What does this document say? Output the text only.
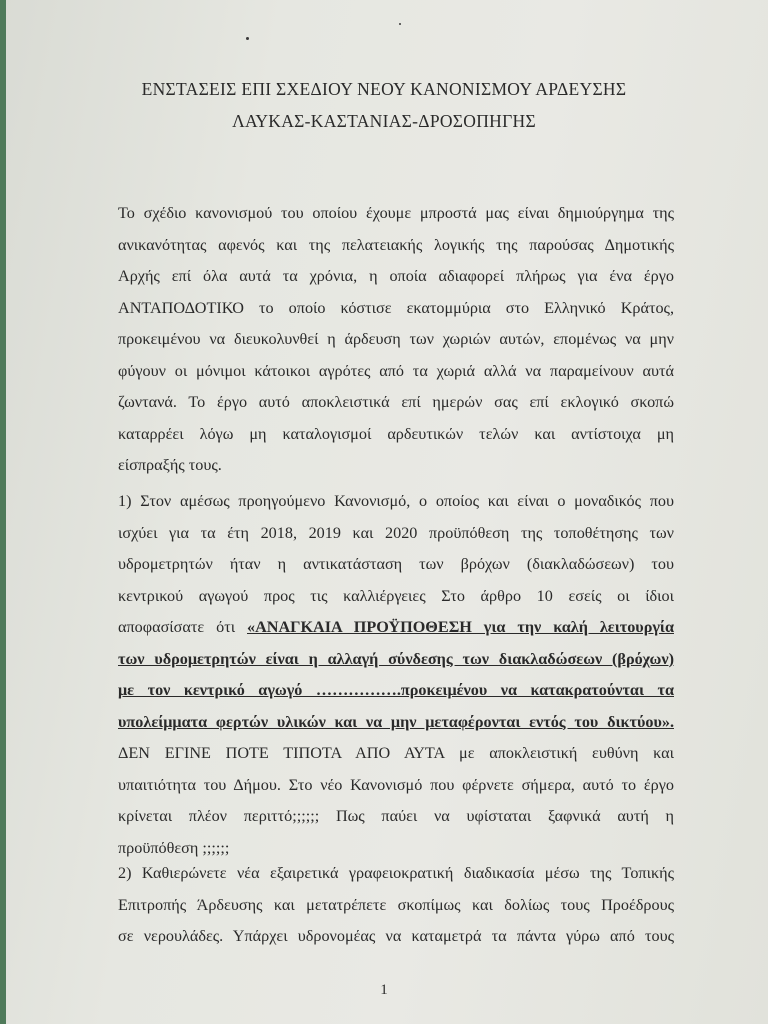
ΕΝΣΤΑΣΕΙΣ ΕΠΙ ΣΧΕΔΙΟΥ ΝΕΟΥ ΚΑΝΟΝΙΣΜΟΥ ΑΡΔΕΥΣΗΣ
ΛΑΥΚΑΣ-ΚΑΣΤΑΝΙΑΣ-ΔΡΟΣΟΠΗΓΗΣ
Το σχέδιο κανονισμού του οποίου έχουμε μπροστά μας είναι δημιούργημα της
ανικανότητας αφενός και της πελατειακής λογικής της παρούσας Δημοτικής
Αρχής επί όλα αυτά τα χρόνια, η οποία αδιαφορεί πλήρως για ένα έργο
ΑΝΤΑΠΟΔΟΤΙΚΟ το οποίο κόστισε εκατομμύρια στο Ελληνικό Κράτος,
προκειμένου να διευκολυνθεί η άρδευση των χωριών αυτών, επομένως να μην
φύγουν οι μόνιμοι κάτοικοι αγρότες από τα χωριά αλλά να παραμείνουν αυτά
ζωντανά. Το έργο αυτό αποκλειστικά επί ημερών σας επί εκλογικό σκοπώ
καταρρέει λόγω μη καταλογισμοί αρδευτικών τελών και αντίστοιχα μη
είσπραξής τους.
1) Στον αμέσως προηγούμενο Κανονισμό, ο οποίος και είναι ο μοναδικός που
ισχύει για τα έτη 2018, 2019 και 2020 προϋπόθεση της τοποθέτησης των
υδρομετρητών ήταν η αντικατάσταση των βρόχων (διακλαδώσεων) του
κεντρικού αγωγού προς τις καλλιέργειες Στο άρθρο 10 εσείς οι ίδιοι
αποφασίσατε ότι «ΑΝΑΓΚΑΙΑ ΠΡΟΫΠΟΘΕΣΗ για την καλή λειτουργία
των υδρομετρητών είναι η αλλαγή σύνδεσης των διακλαδώσεων (βρόχων)
με τον κεντρικό αγωγό …………….προκειμένου να κατακρατούνται τα
υπολείμματα φερτών υλικών και να μην μεταφέρονται εντός του δικτύου».
ΔΕΝ ΕΓΙΝΕ ΠΟΤΕ ΤΙΠΟΤΑ ΑΠΟ ΑΥΤΑ με αποκλειστική ευθύνη και
υπαιτιότητα του Δήμου. Στο νέο Κανονισμό που φέρνετε σήμερα, αυτό το έργο
κρίνεται πλέον περιττό;;;;;; Πως παύει να υφίσταται ξαφνικά αυτή η
προϋπόθεση ;;;;;;
2) Καθιερώνετε νέα εξαιρετικά γραφειοκρατική διαδικασία μέσω της Τοπικής
Επιτροπής Άρδευσης και μετατρέπετε σκοπίμως και δολίως τους Προέδρους
σε νερουλάδες. Υπάρχει υδρονομέας να καταμετρά τα πάντα γύρω από τους
1
